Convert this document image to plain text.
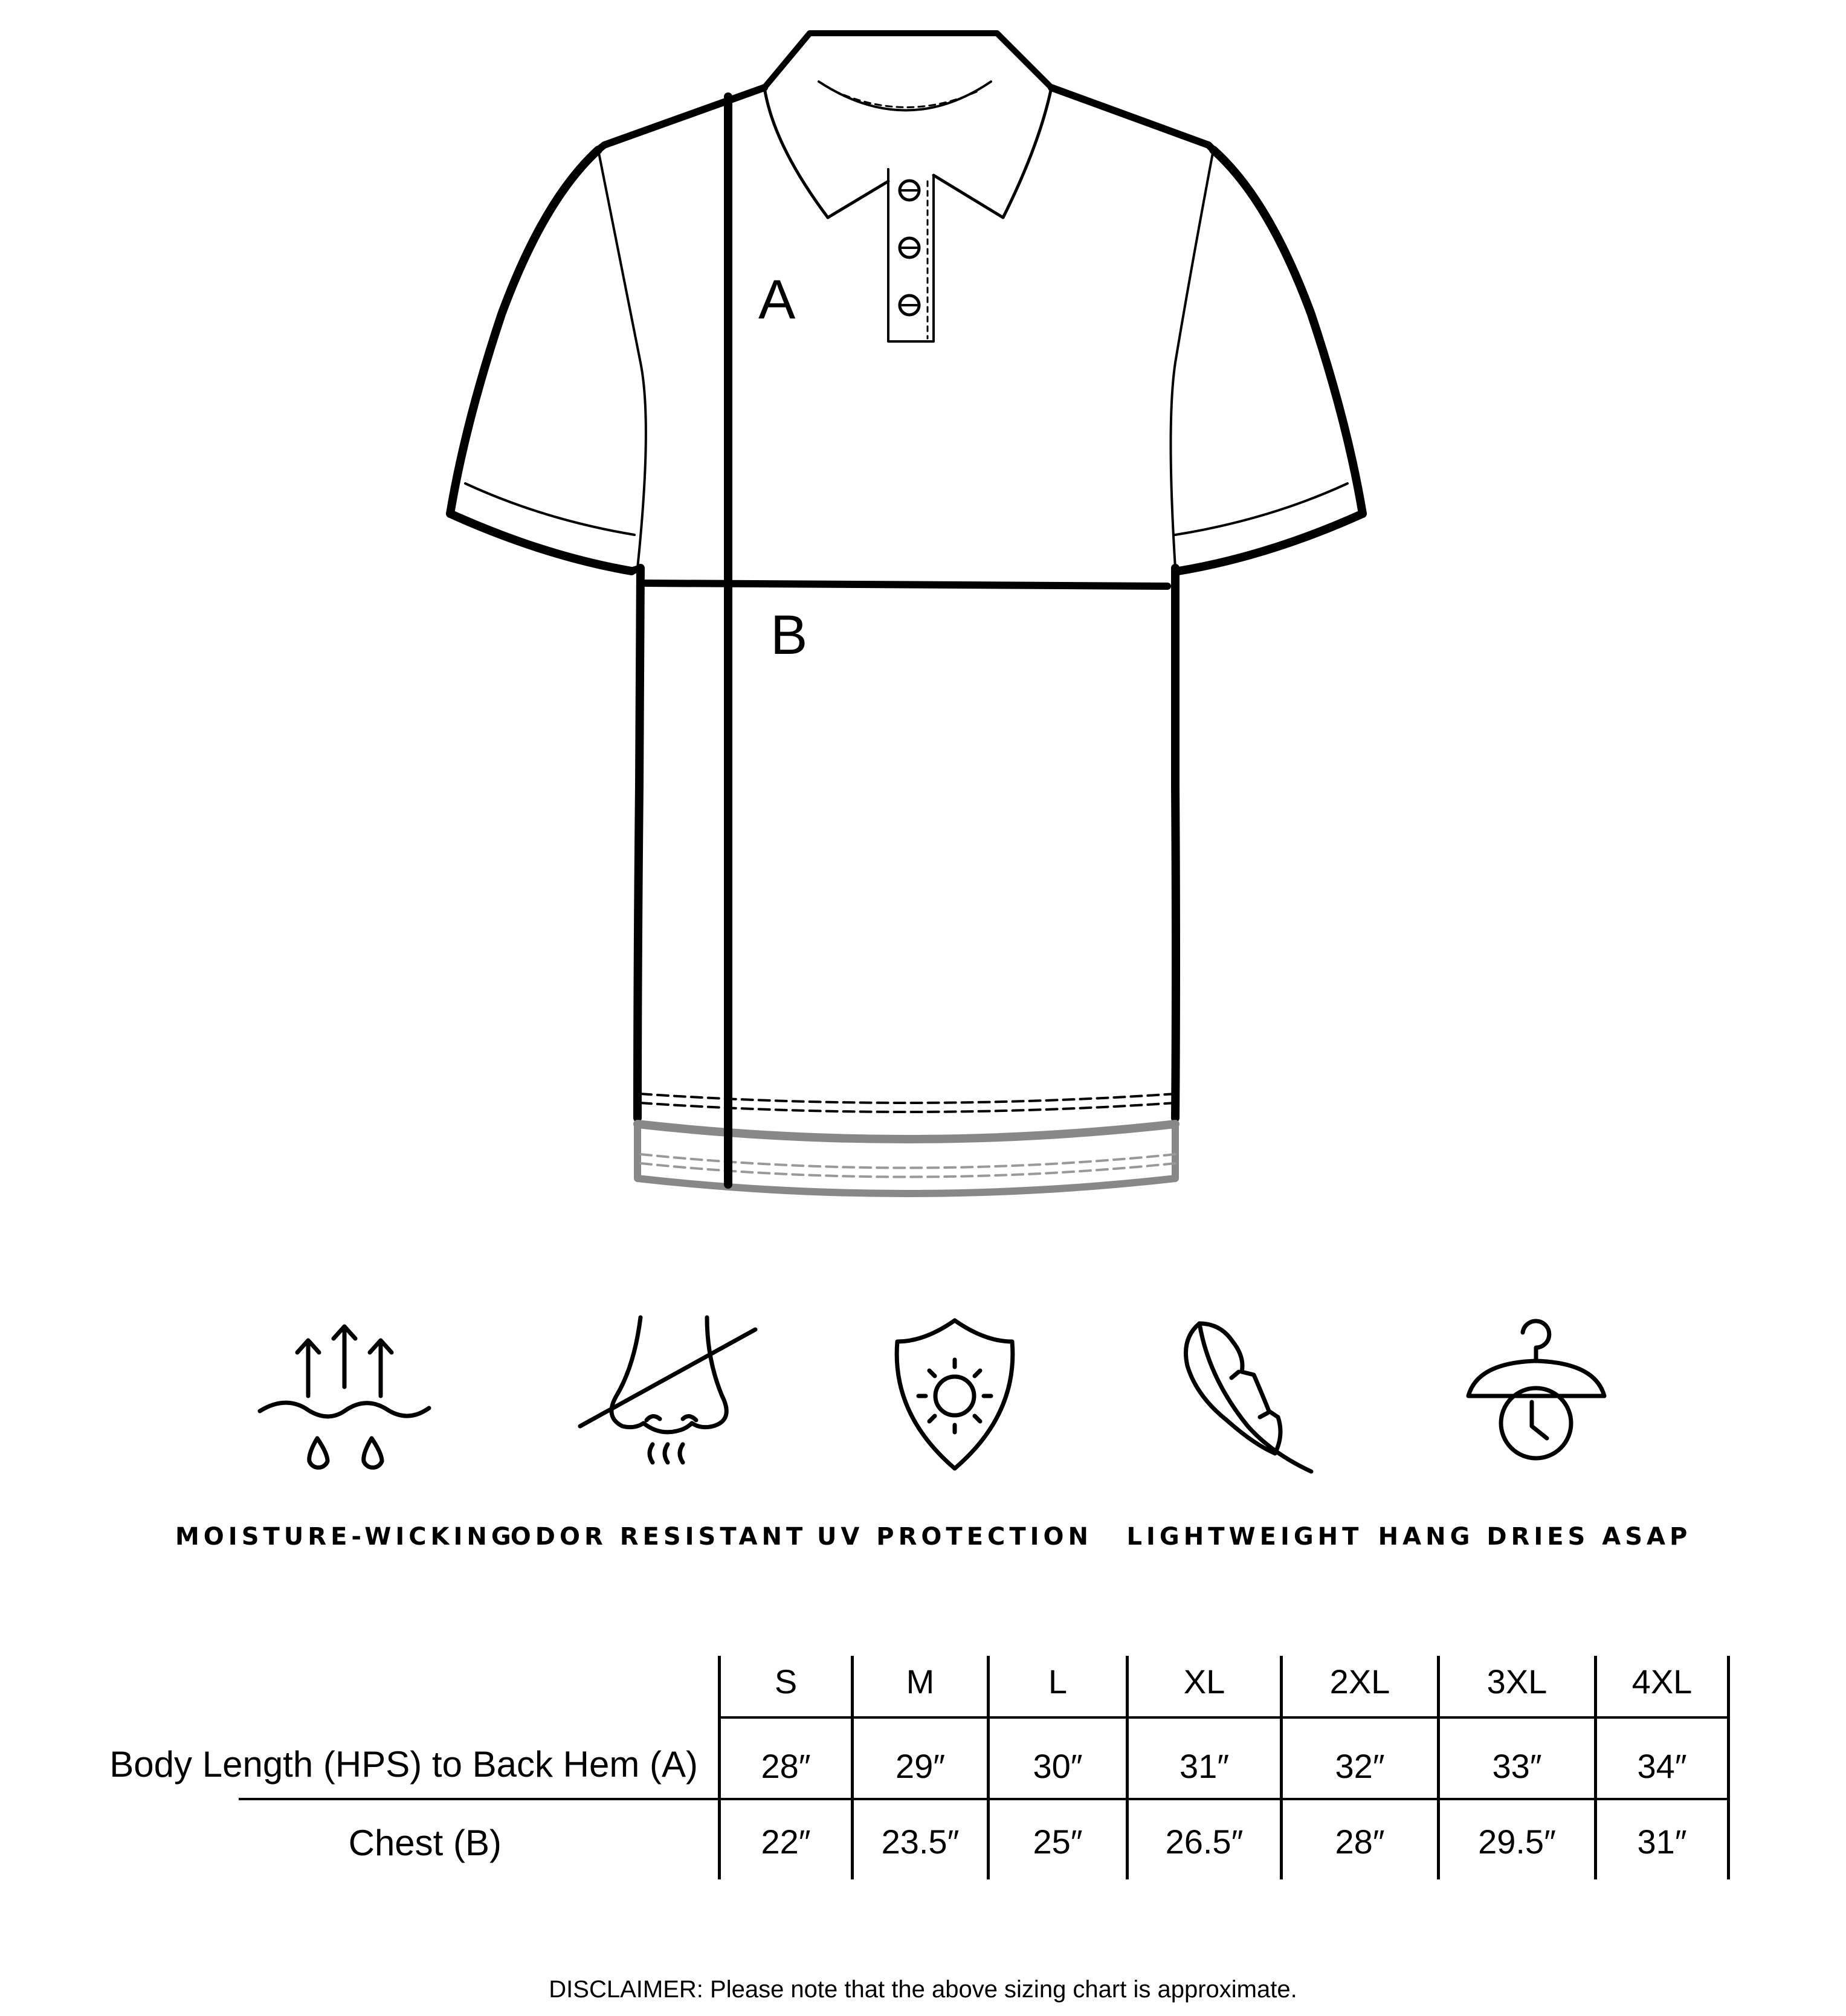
A
B
MOISTURE-WICKING
ODOR RESISTANT UV PROTECTION	LIGHTWEIGHT HANG DRIES ASAP
S	M	L	XL	2XL	3XL	4XL
Body Length (HPS) to Back Hem (A)	28″	29″	30″	31″	32″	33″	34″
Chest (B)	22″	23.5″	25″	26.5″	28″	29.5″	31″
DISCLAIMER: Please note that the above sizing chart is approximate.
